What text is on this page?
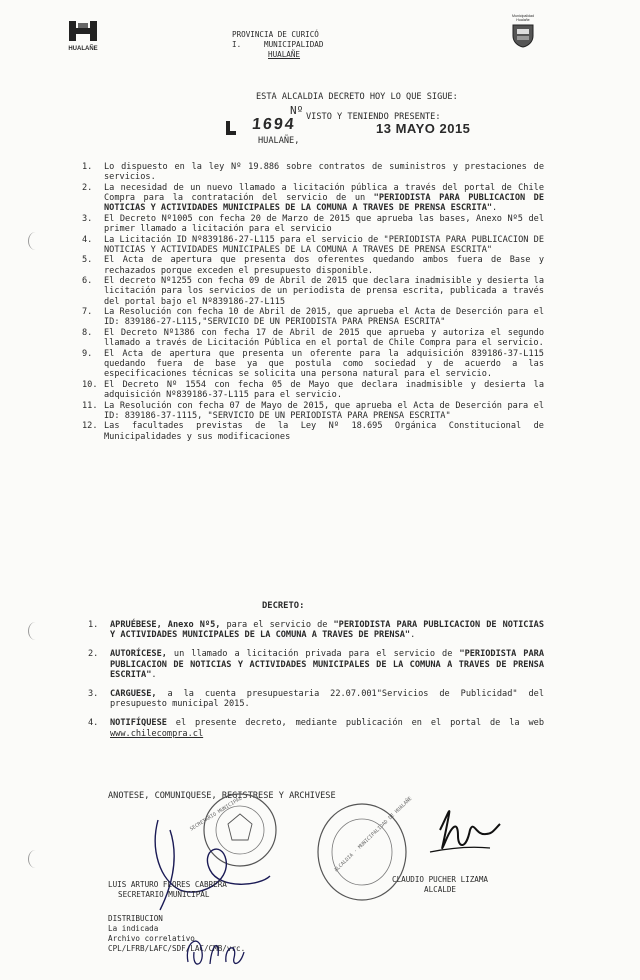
HUALAÑE
PROVINCIA DE CURICÓ
I.	MUNICIPALIDAD
HUALAÑE
Municipalidad Hualañe
ESTA ALCALDIA DECRETO HOY LO QUE SIGUE:
Nº
1694 VISTO Y TENIENDO PRESENTE:
13 MAYO 2015
HUALAÑE,
1. Lo dispuesto en la ley Nº 19.886 sobre contratos de suministros y prestaciones de servicios.
2. La necesidad de un nuevo llamado a licitación pública a través del portal de Chile Compra para la contratación del servicio de un "PERIODISTA PARA PUBLICACION DE NOTICIAS Y ACTIVIDADES MUNICIPALES DE LA COMUNA A TRAVES DE PRENSA ESCRITA".
3. El Decreto Nº1005 con fecha 20 de Marzo de 2015 que aprueba las bases, Anexo Nº5 del primer llamado a licitación para el servicio
4. La Licitación ID Nº839186-27-L115 para el servicio de "PERIODISTA PARA PUBLICACION DE NOTICIAS Y ACTIVIDADES MUNICIPALES DE LA COMUNA A TRAVES DE PRENSA ESCRITA"
5. El Acta de apertura que presenta dos oferentes quedando ambos fuera de Base y rechazados porque exceden el presupuesto disponible.
6. El decreto Nº1255 con fecha 09 de Abril de 2015 que declara inadmisible y desierta la licitación para los servicios de un periodista de prensa escrita, publicada a través del portal bajo el Nº839186-27-L115
7. La Resolución con fecha 10 de Abril de 2015, que aprueba el Acta de Deserción para el ID: 839186-27-L115,"SERVICIO DE UN PERIODISTA PARA PRENSA ESCRITA"
8. El Decreto Nº1386 con fecha 17 de Abril de 2015 que aprueba y autoriza el segundo llamado a través de Licitación Pública en el portal de Chile Compra para el servicio.
9. El Acta de apertura que presenta un oferente para la adquisición 839186-37-L115 quedando fuera de base ya que postula como sociedad y de acuerdo a las especificaciones técnicas se solicita una persona natural para el servicio.
10. El Decreto Nº 1554 con fecha 05 de Mayo que declara inadmisible y desierta la adquisición Nº839186-37-L115 para el servicio.
11. La Resolución con fecha 07 de Mayo de 2015, que aprueba el Acta de Deserción para el ID: 839186-37-1115, "SERVICIO DE UN PERIODISTA PARA PRENSA ESCRITA"
12. Las facultades previstas de la Ley Nº 18.695 Orgánica Constitucional de Municipalidades y sus modificaciones
DECRETO:
1. APRUÉBESE, Anexo Nº5, para el servicio de "PERIODISTA PARA PUBLICACION DE NOTICIAS Y ACTIVIDADES MUNICIPALES DE LA COMUNA A TRAVES DE PRENSA".
2. AUTORÍCESE, un llamado a licitación privada para el servicio de "PERIODISTA PARA PUBLICACION DE NOTICIAS Y ACTIVIDADES MUNICIPALES DE LA COMUNA A TRAVES DE PRENSA ESCRITA".
3. CARGUESE, a la cuenta presupuestaria 22.07.001"Servicios de Publicidad" del presupuesto municipal 2015.
4. NOTIFÍQUESE el presente decreto, mediante publicación en el portal de la web www.chilecompra.cl
ANOTESE, COMUNIQUESE, REGISTRESE Y ARCHIVESE
SECRETARIO MUNICIPAL	ALCALDIA · MUNICIPALIDAD DE HUALAÑE
LUIS ARTURO FLORES CABRERA
SECRETARIO MUNICIPAL
CLAUDIO PUCHER LIZAMA
ALCALDE
DISTRIBUCION
La indicada
Archivo correlativo
CPL/LFRB/LAFC/SDF/LAC/CMB/vrc.
